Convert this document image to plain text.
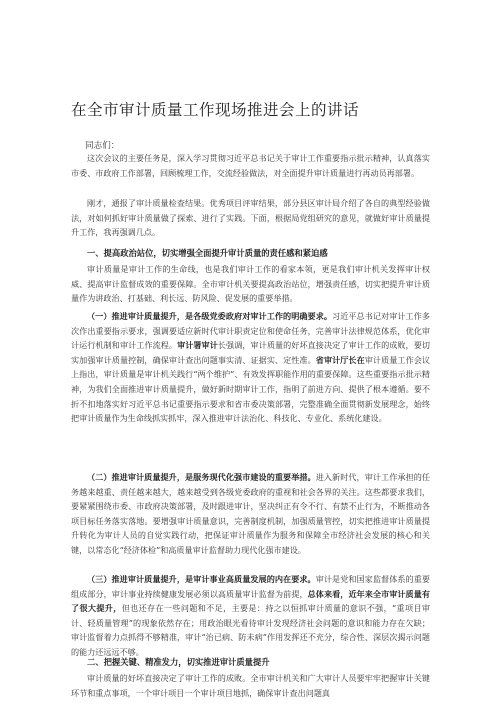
在全市审计质量工作现场推进会上的讲话
同志们：

这次会议的主要任务是，深入学习贯彻习近平总书记关于审计工作重要指示批示精神，认真落实市委、市政府工作部署，回顾梳理工作，交流经验做法，对全面提升审计质量进行再动员再部署。

刚才，通报了审计质量检查结果。优秀项目评审结果，部分县区审计局介绍了各自的典型经验做法，对如何抓好审计质量做了探索、进行了实践。下面，根据局党组研究的意见，就做好审计质量提升工作，我再强调几点。

一、提高政治站位，切实增强全面提升审计质量的责任感和紧迫感

审计质量是审计工作的生命线，也是我们审计工作的看家本领，更是我们审计机关发挥审计权威、提高审计监督成效的重要保障。全市审计机关要提高政治站位，增强责任感，切实把提升审计质量作为讲政治、打基础、利长远、防风险、促发展的重要举措。

（一）推进审计质量提升，是各级党委政府对审计工作的明确要求。习近平总书记对审计工作多次作出重要指示要求，强调要适应新时代审计职责定位和使命任务，完善审计法律规范体系，优化审计运行机制和审计工作流程。审计署审计长强调，审计质量的好坏直接决定了审计工作的成败，要切实加强审计质量控制，确保审计查出问题事实清、证据实、定性准。省审计厅长在审计质量工作会议上指出，审计质量是审计机关践行“两个维护”、有效发挥职能作用的重要保障。这些重要指示批示精神，为我们全面推进审计质量提升，做好新时期审计工作，指明了前进方向、提供了根本遵循。要不折不扣地落实好习近平总书记重要指示要求和省市委决策部署，完整准确全面贯彻新发展理念，始终把审计质量作为生命线抓实抓牢，深入推进审计法治化、科技化、专业化、系统化建设。

（二）推进审计质量提升，是服务现代化强市建设的重要举措。进入新时代，审计工作承担的任务越来越重、责任越来越大，越来越受到各级党委政府的重视和社会各界的关注。这些都要求我们，要紧紧围绕市委、市政府决策部署，及时跟进审计，坚决纠正有令不行、有禁不止行为，不断推动各项目标任务落实落地。要增强审计质量意识，完善制度机制，加强质量管控，切实把推进审计质量提升转化为审计人员的自觉实践行动，把保证审计质量作为服务和保障全市经济社会发展的核心和关键，以常态化“经济体检”和高质量审计监督助力现代化强市建设。

（三）推进审计质量提升，是审计事业高质量发展的内在要求。审计是党和国家监督体系的重要组成部分，审计事业持续健康发展必须以高质量审计监督为前提，总体来看，近年来全市审计质量有了很大提升，但也还存在一些问题和不足，主要是：持之以恒抓审计质量的意识不强，“重项目审计、轻质量管理”的现象依然存在；用政治眼光看待审计发现经济社会问题的意识和能力存在欠缺；审计监督着力点抓得不够精准，审计“治已病、防未病”作用发挥还不充分，综合性、深层次揭示问题的能力还远远不够。

二、把握关键、精准发力，切实推进审计质量提升

审计质量的好坏直接决定了审计工作的成败。全市审计机关和广大审计人员要牢牢把握审计关键环节和重点事项，一个审计项目一个审计项目地抓，确保审计查出问题真
